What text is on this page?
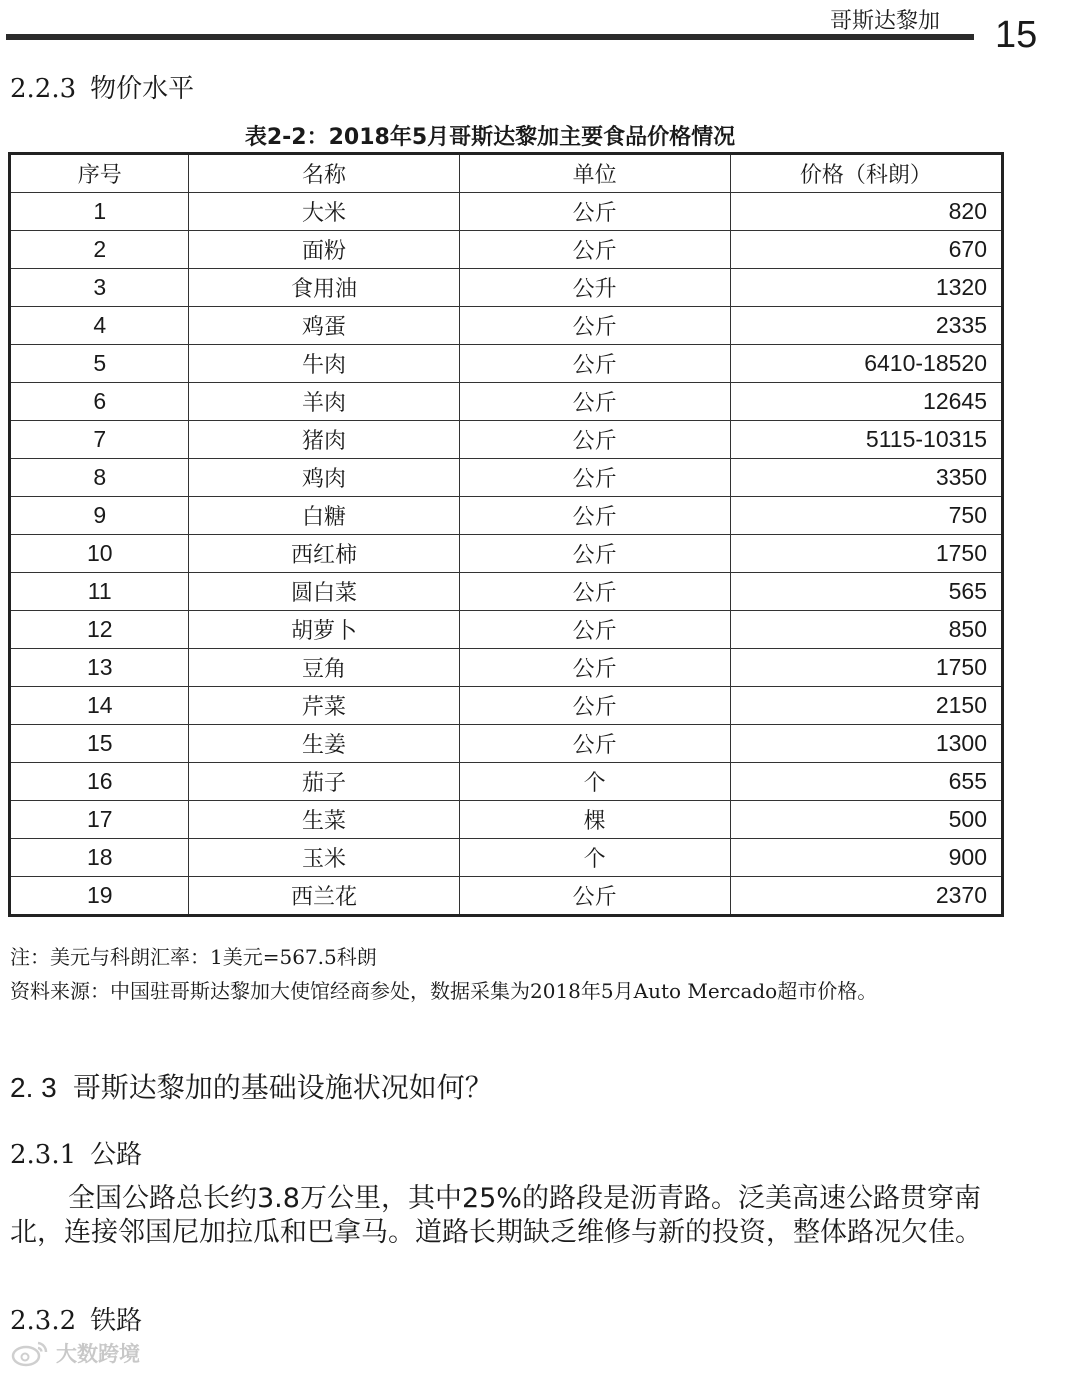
哥斯达黎加	15
2.2.3 物价水平
表2-2：2018年5月哥斯达黎加主要食品价格情况
序号	名称	单位	价格（科朗）
1	大米	公斤	820
2	面粉	公斤	670
3	食用油	公升	1320
4	鸡蛋	公斤	2335
5	牛肉	公斤	6410-18520
6	羊肉	公斤	12645
7	猪肉	公斤	5115-10315
8	鸡肉	公斤	3350
9	白糖	公斤	750
10	西红柿	公斤	1750
11	圆白菜	公斤	565
12	胡萝卜	公斤	850
13	豆角	公斤	1750
14	芹菜	公斤	2150
15	生姜	公斤	1300
16	茄子	个	655
17	生菜	棵	500
18	玉米	个	900
19	西兰花	公斤	2370
注：美元与科朗汇率：1美元=567.5科朗
资料来源：中国驻哥斯达黎加大使馆经商参处，数据采集为2018年5月Auto Mercado超市价格。
2. 3 哥斯达黎加的基础设施状况如何？
2.3.1 公路
全国公路总长约3.8万公里，其中25%的路段是沥青路。泛美高速公路贯穿南北，连接邻国尼加拉瓜和巴拿马。道路长期缺乏维修与新的投资，整体路况欠佳。
2.3.2 铁路
大数跨境
